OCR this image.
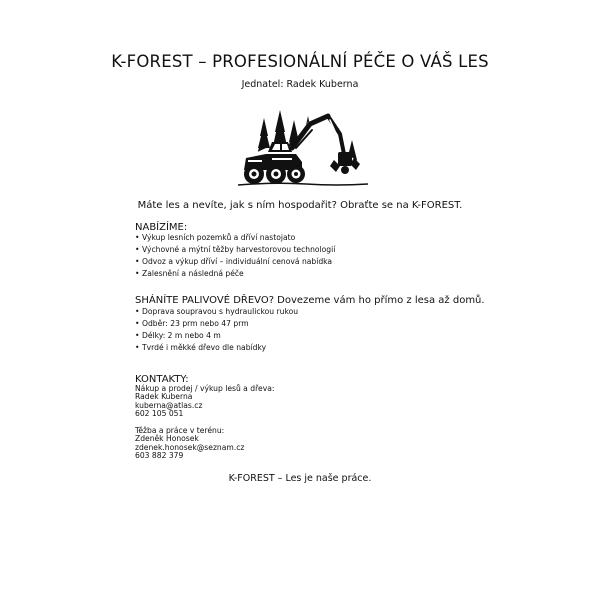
K-FOREST – PROFESIONÁLNÍ PÉČE O VÁŠ LES
Jednatel: Radek Kuberna
Máte les a nevíte, jak s ním hospodařit? Obraťte se na K-FOREST.
NABÍZÍME:
• Výkup lesních pozemků a dříví nastojato
• Výchovné a mýtní těžby harvestorovou technologií
• Odvoz a výkup dříví – individuální cenová nabídka
• Zalesnění a následná péče
SHÁNÍTE PALIVOVÉ DŘEVO? Dovezeme vám ho přímo z lesa až domů.
• Doprava soupravou s hydraulickou rukou
• Odběr: 23 prm nebo 47 prm
• Délky: 2 m nebo 4 m
• Tvrdé i měkké dřevo dle nabídky
KONTAKTY:
Nákup a prodej / výkup lesů a dřeva:
Radek Kuberna
kuberna@atlas.cz
602 105 051
Těžba a práce v terénu:
Zdeněk Honosek
zdenek.honosek@seznam.cz
603 882 379
K-FOREST – Les je naše práce.
